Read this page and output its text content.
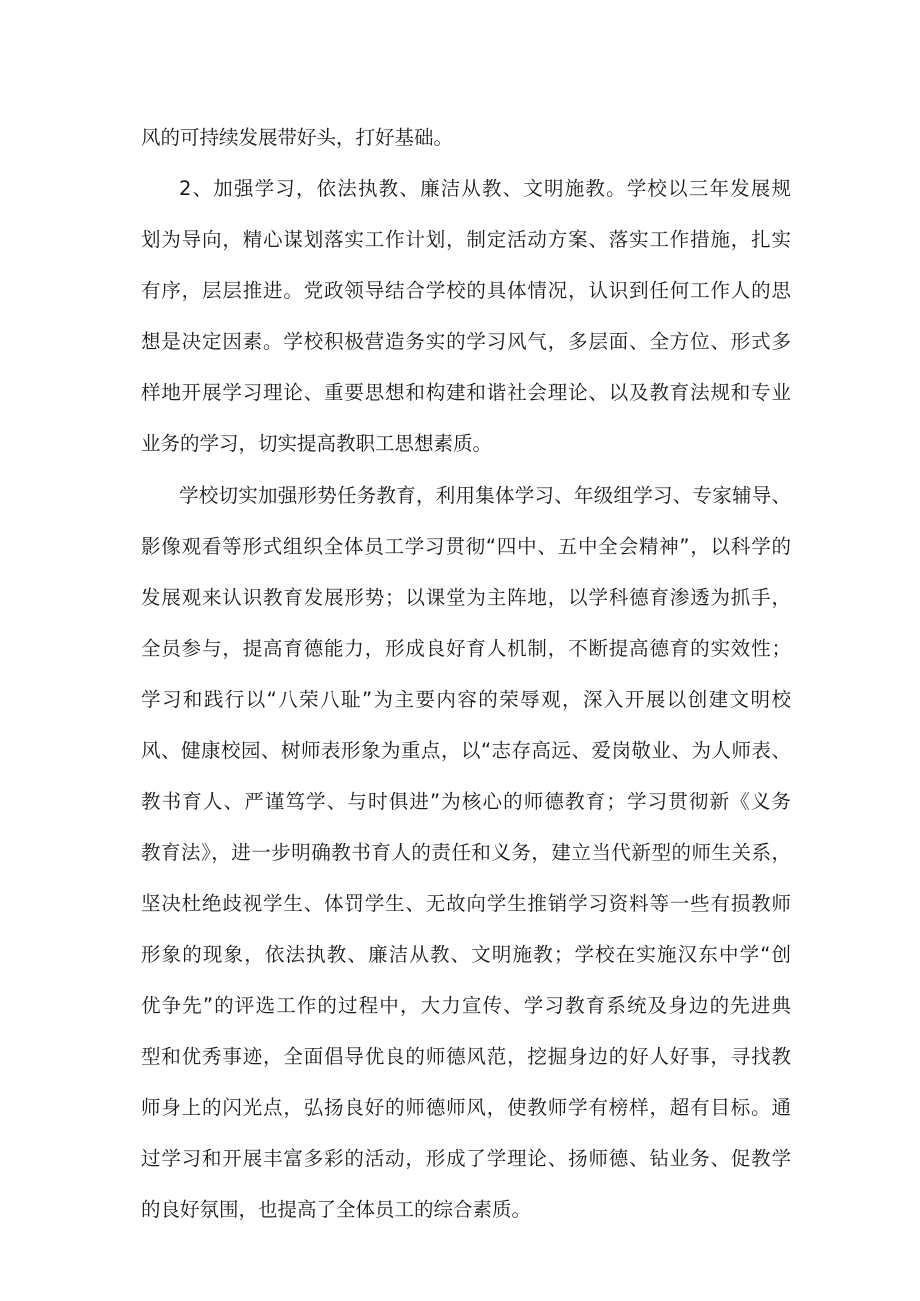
风的可持续发展带好头，打好基础。
2、加强学习，依法执教、廉洁从教、文明施教。学校以三年发展规
划为导向，精心谋划落实工作计划，制定活动方案、落实工作措施，扎实
有序，层层推进。党政领导结合学校的具体情况，认识到任何工作人的思
想是决定因素。学校积极营造务实的学习风气，多层面、全方位、形式多
样地开展学习理论、重要思想和构建和谐社会理论、以及教育法规和专业
业务的学习，切实提高教职工思想素质。
学校切实加强形势任务教育，利用集体学习、年级组学习、专家辅导、
影像观看等形式组织全体员工学习贯彻“四中、五中全会精神”，以科学的
发展观来认识教育发展形势；以课堂为主阵地，以学科德育渗透为抓手，
全员参与，提高育德能力，形成良好育人机制，不断提高德育的实效性；
学习和践行以“八荣八耻”为主要内容的荣辱观，深入开展以创建文明校
风、健康校园、树师表形象为重点，以“志存高远、爱岗敬业、为人师表、
教书育人、严谨笃学、与时俱进”为核心的师德教育；学习贯彻新《义务
教育法》，进一步明确教书育人的责任和义务，建立当代新型的师生关系，
坚决杜绝歧视学生、体罚学生、无故向学生推销学习资料等一些有损教师
形象的现象，依法执教、廉洁从教、文明施教；学校在实施汉东中学“创
优争先”的评选工作的过程中，大力宣传、学习教育系统及身边的先进典
型和优秀事迹，全面倡导优良的师德风范，挖掘身边的好人好事，寻找教
师身上的闪光点，弘扬良好的师德师风，使教师学有榜样，超有目标。通
过学习和开展丰富多彩的活动，形成了学理论、扬师德、钻业务、促教学
的良好氛围，也提高了全体员工的综合素质。
